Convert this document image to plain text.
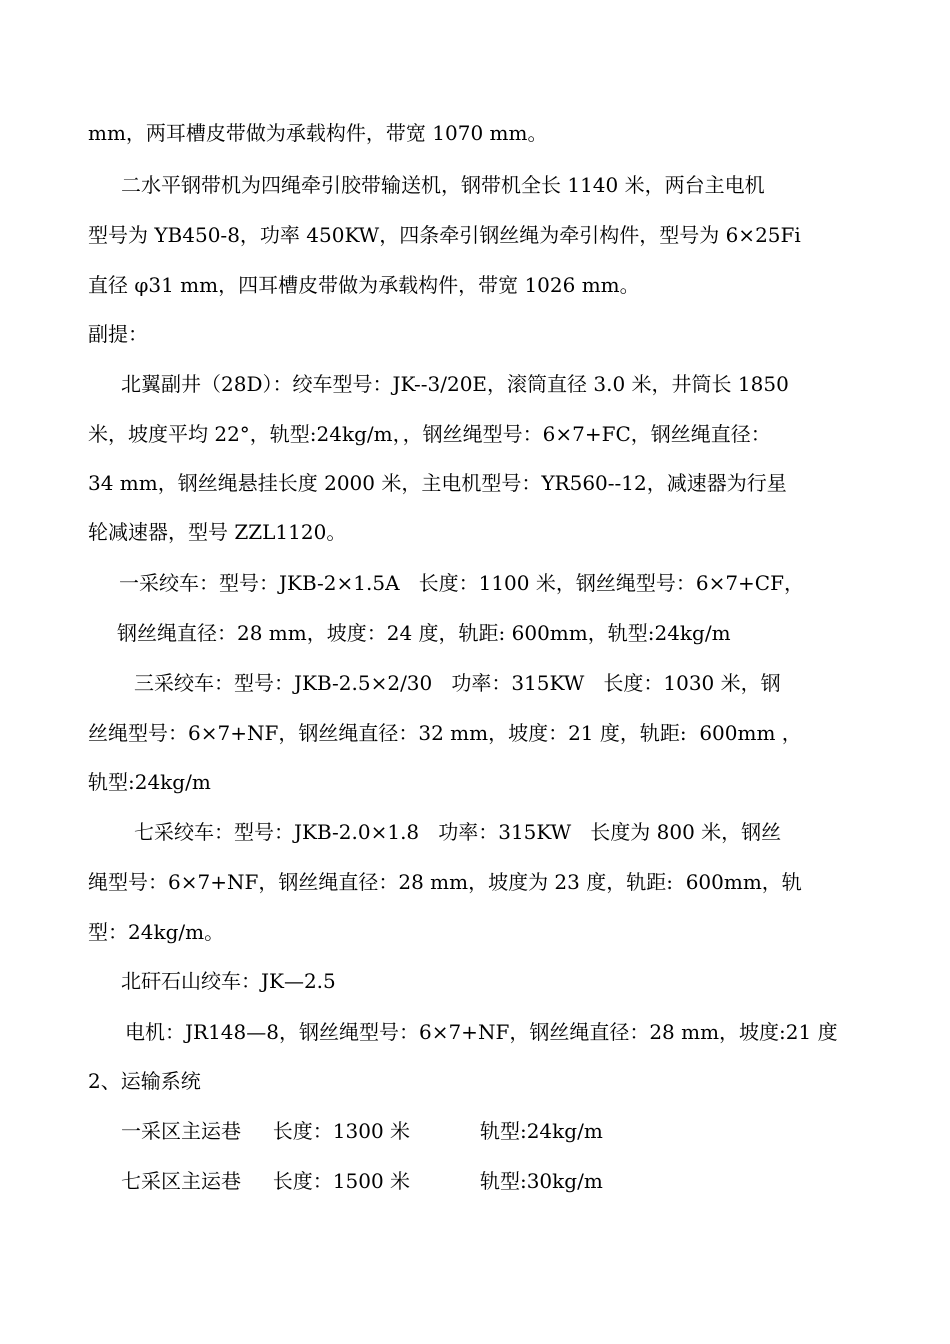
mm，两耳槽皮带做为承载构件，带宽 1070 mm。
二水平钢带机为四绳牵引胶带输送机，钢带机全长 1140 米，两台主电机
型号为 YB450-8，功率 450KW，四条牵引钢丝绳为牵引构件，型号为 6×25Fi
直径 φ31 mm，四耳槽皮带做为承载构件，带宽 1026 mm。
副提：
北翼副井（28D）：绞车型号：JK--3/20E，滚筒直径 3.0 米，井筒长 1850
米，坡度平均 22°，轨型:24kg/m，，钢丝绳型号：6×7+FC，钢丝绳直径：
34 mm，钢丝绳悬挂长度 2000 米，主电机型号：YR560--12，减速器为行星
轮减速器，型号 ZZL1120。
一采绞车：型号：JKB-2×1.5A   长度：1100 米，钢丝绳型号：6×7+CF，
钢丝绳直径：28 mm，坡度：24 度，轨距: 600mm，轨型:24kg/m
三采绞车：型号：JKB-2.5×2/30   功率：315KW   长度：1030 米，钢
丝绳型号：6×7+NF，钢丝绳直径：32 mm，坡度：21 度，轨距:  600mm ，
轨型:24kg/m
七采绞车：型号：JKB-2.0×1.8   功率：315KW   长度为 800 米，钢丝
绳型号：6×7+NF，钢丝绳直径：28 mm，坡度为 23 度，轨距:  600mm，轨
型：24kg/m。
北矸石山绞车：JK—2.5
电机：JR148—8，钢丝绳型号：6×7+NF，钢丝绳直径：28 mm，坡度:21 度
2、运输系统
一采区主运巷     长度：1300 米           轨型:24kg/m
七采区主运巷     长度：1500 米           轨型:30kg/m
